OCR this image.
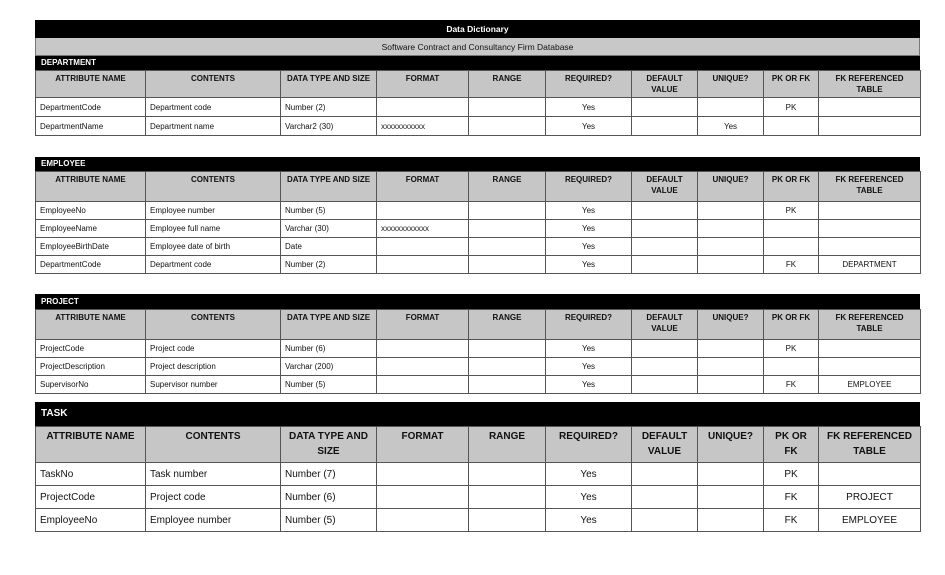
Data Dictionary
Software Contract and Consultancy Firm Database
DEPARTMENT
ATTRIBUTE NAME	CONTENTS	DATA TYPE AND SIZE	FORMAT	RANGE	REQUIRED?	DEFAULT VALUE	UNIQUE?	PK OR FK	FK REFERENCED TABLE
DepartmentCode	Department code	Number (2)			Yes			PK	
DepartmentName	Department name	Varchar2 (30)	xxxxxxxxxxx		Yes		Yes		
EMPLOYEE
ATTRIBUTE NAME	CONTENTS	DATA TYPE AND SIZE	FORMAT	RANGE	REQUIRED?	DEFAULT VALUE	UNIQUE?	PK OR FK	FK REFERENCED TABLE
EmployeeNo	Employee number	Number (5)			Yes			PK	
EmployeeName	Employee full name	Varchar (30)	xxxxxxxxxxxx		Yes				
EmployeeBirthDate	Employee date of birth	Date			Yes				
DepartmentCode	Department code	Number (2)			Yes			FK	DEPARTMENT
PROJECT
ATTRIBUTE NAME	CONTENTS	DATA TYPE AND SIZE	FORMAT	RANGE	REQUIRED?	DEFAULT VALUE	UNIQUE?	PK OR FK	FK REFERENCED TABLE
ProjectCode	Project code	Number (6)			Yes			PK	
ProjectDescription	Project description	Varchar (200)			Yes				
SupervisorNo	Supervisor number	Number (5)			Yes			FK	EMPLOYEE
TASK
ATTRIBUTE NAME	CONTENTS	DATA TYPE AND SIZE	FORMAT	RANGE	REQUIRED?	DEFAULT VALUE	UNIQUE?	PK OR FK	FK REFERENCED TABLE
TaskNo	Task number	Number (7)			Yes			PK	
ProjectCode	Project code	Number (6)			Yes			FK	PROJECT
EmployeeNo	Employee number	Number (5)			Yes			FK	EMPLOYEE
